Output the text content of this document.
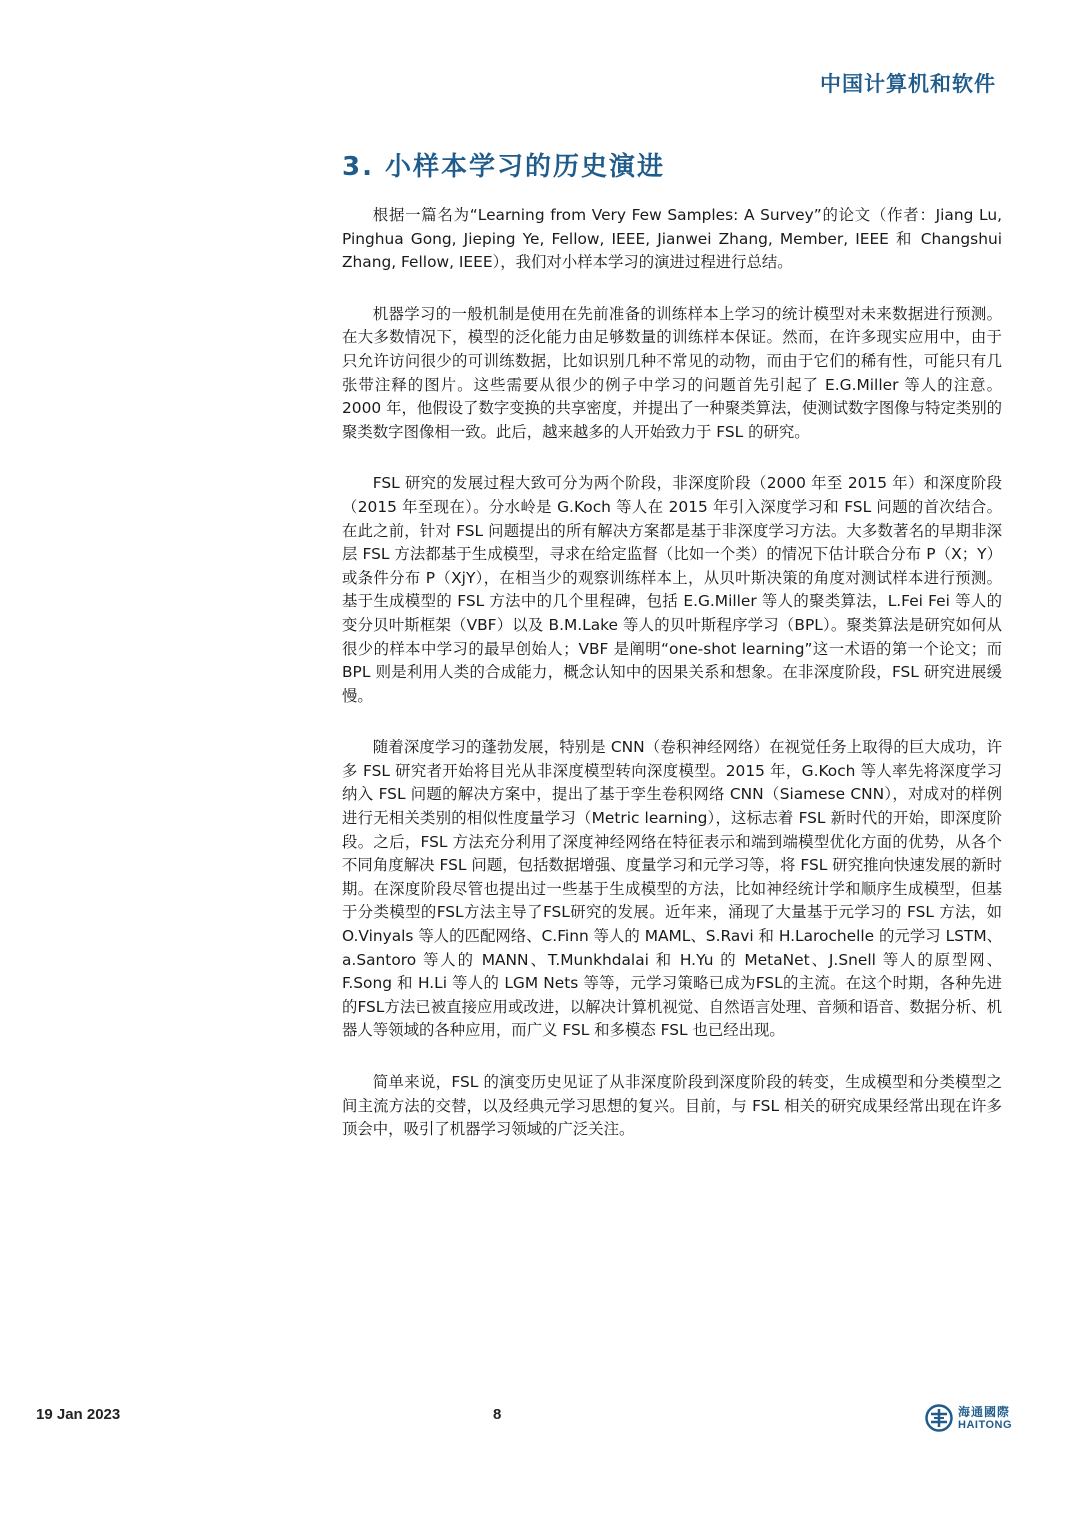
中国计算机和软件
3. 小样本学习的历史演进

根据一篇名为“Learning from Very Few Samples: A Survey”的论文（作者：Jiang Lu, Pinghua Gong, Jieping Ye, Fellow, IEEE, Jianwei Zhang, Member, IEEE 和 Changshui Zhang, Fellow, IEEE），我们对小样本学习的演进过程进行总结。

机器学习的一般机制是使用在先前准备的训练样本上学习的统计模型对未来数据进行预测。在大多数情况下，模型的泛化能力由足够数量的训练样本保证。然而，在许多现实应用中，由于只允许访问很少的可训练数据，比如识别几种不常见的动物，而由于它们的稀有性，可能只有几张带注释的图片。这些需要从很少的例子中学习的问题首先引起了 E.G.Miller 等人的注意。2000 年，他假设了数字变换的共享密度，并提出了一种聚类算法，使测试数字图像与特定类别的聚类数字图像相一致。此后，越来越多的人开始致力于 FSL 的研究。

FSL 研究的发展过程大致可分为两个阶段，非深度阶段（2000 年至 2015 年）和深度阶段（2015 年至现在）。分水岭是 G.Koch 等人在 2015 年引入深度学习和 FSL 问题的首次结合。在此之前，针对 FSL 问题提出的所有解决方案都是基于非深度学习方法。大多数著名的早期非深层 FSL 方法都基于生成模型，寻求在给定监督（比如一个类）的情况下估计联合分布 P（X；Y）或条件分布 P（XjY），在相当少的观察训练样本上，从贝叶斯决策的角度对测试样本进行预测。基于生成模型的 FSL 方法中的几个里程碑，包括 E.G.Miller 等人的聚类算法，L.Fei Fei 等人的变分贝叶斯框架（VBF）以及 B.M.Lake 等人的贝叶斯程序学习（BPL）。聚类算法是研究如何从很少的样本中学习的最早创始人；VBF 是阐明“one-shot learning”这一术语的第一个论文；而 BPL 则是利用人类的合成能力，概念认知中的因果关系和想象。在非深度阶段，FSL 研究进展缓慢。

随着深度学习的蓬勃发展，特别是 CNN（卷积神经网络）在视觉任务上取得的巨大成功，许多 FSL 研究者开始将目光从非深度模型转向深度模型。2015 年，G.Koch 等人率先将深度学习纳入 FSL 问题的解决方案中，提出了基于孪生卷积网络 CNN（Siamese CNN），对成对的样例进行无相关类别的相似性度量学习（Metric learning），这标志着 FSL 新时代的开始，即深度阶段。之后，FSL 方法充分利用了深度神经网络在特征表示和端到端模型优化方面的优势，从各个不同角度解决 FSL 问题，包括数据增强、度量学习和元学习等，将 FSL 研究推向快速发展的新时期。在深度阶段尽管也提出过一些基于生成模型的方法，比如神经统计学和顺序生成模型，但基于分类模型的FSL方法主导了FSL研究的发展。近年来，涌现了大量基于元学习的 FSL 方法，如 O.Vinyals 等人的匹配网络、C.Finn 等人的 MAML、S.Ravi 和 H.Larochelle 的元学习 LSTM、a.Santoro 等人的 MANN、T.Munkhdalai 和 H.Yu 的 MetaNet、J.Snell 等人的原型网、F.Song 和 H.Li 等人的 LGM Nets 等等，元学习策略已成为FSL的主流。在这个时期，各种先进的FSL方法已被直接应用或改进，以解决计算机视觉、自然语言处理、音频和语音、数据分析、机器人等领域的各种应用，而广义 FSL 和多模态 FSL 也已经出现。

简单来说，FSL 的演变历史见证了从非深度阶段到深度阶段的转变，生成模型和分类模型之间主流方法的交替，以及经典元学习思想的复兴。目前，与 FSL 相关的研究成果经常出现在许多顶会中，吸引了机器学习领域的广泛关注。

19 Jan 2023	8	海通國際
HAITONG
